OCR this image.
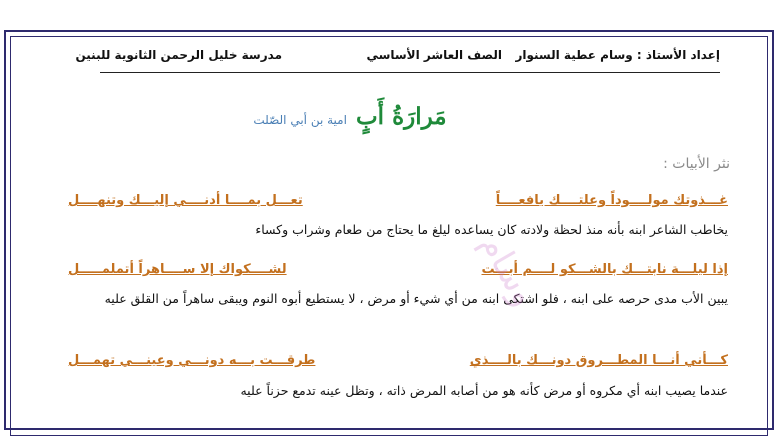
إعداد الأستاذ : وسام عطية السنوار
الصف العاشر الأساسي
مدرسة خليل الرحمن الثانوية للبنين
مَرارَةُ أَبٍ امية بن أبي الصّلت
نثر الأبيات :
غـــذوتك مولــــوداً وعلتــــك يافعــــاً
تعـــل بمــــا أدنــــي إليـــك وتنهــــل
يخاطب الشاعر ابنه بأنه منذ لحظة ولادته كان يساعده ليلغ ما يحتاج من طعام وشراب وكساء
إذا ليلـــة نابتـــك بالشـــكو لــــم أبـــت
لشــــكواك إلا ســــاهراً أتملمـــــل
يبين الأب مدى حرصه على ابنه ، فلو اشتكى ابنه من أي شيء أو مرض ، لا يستطيع أبوه النوم ويبقى ساهراً من القلق عليه
كـــأني أنـــا المطـــروق دونـــك بالــــذي
طرقـــت بـــه دونـــي وعينـــي تهمـــل
عندما يصيب ابنه أي مكروه أو مرض كأنه هو من أصابه المرض ذاته ، وتظل عينه تدمع حزناً عليه
وسام
